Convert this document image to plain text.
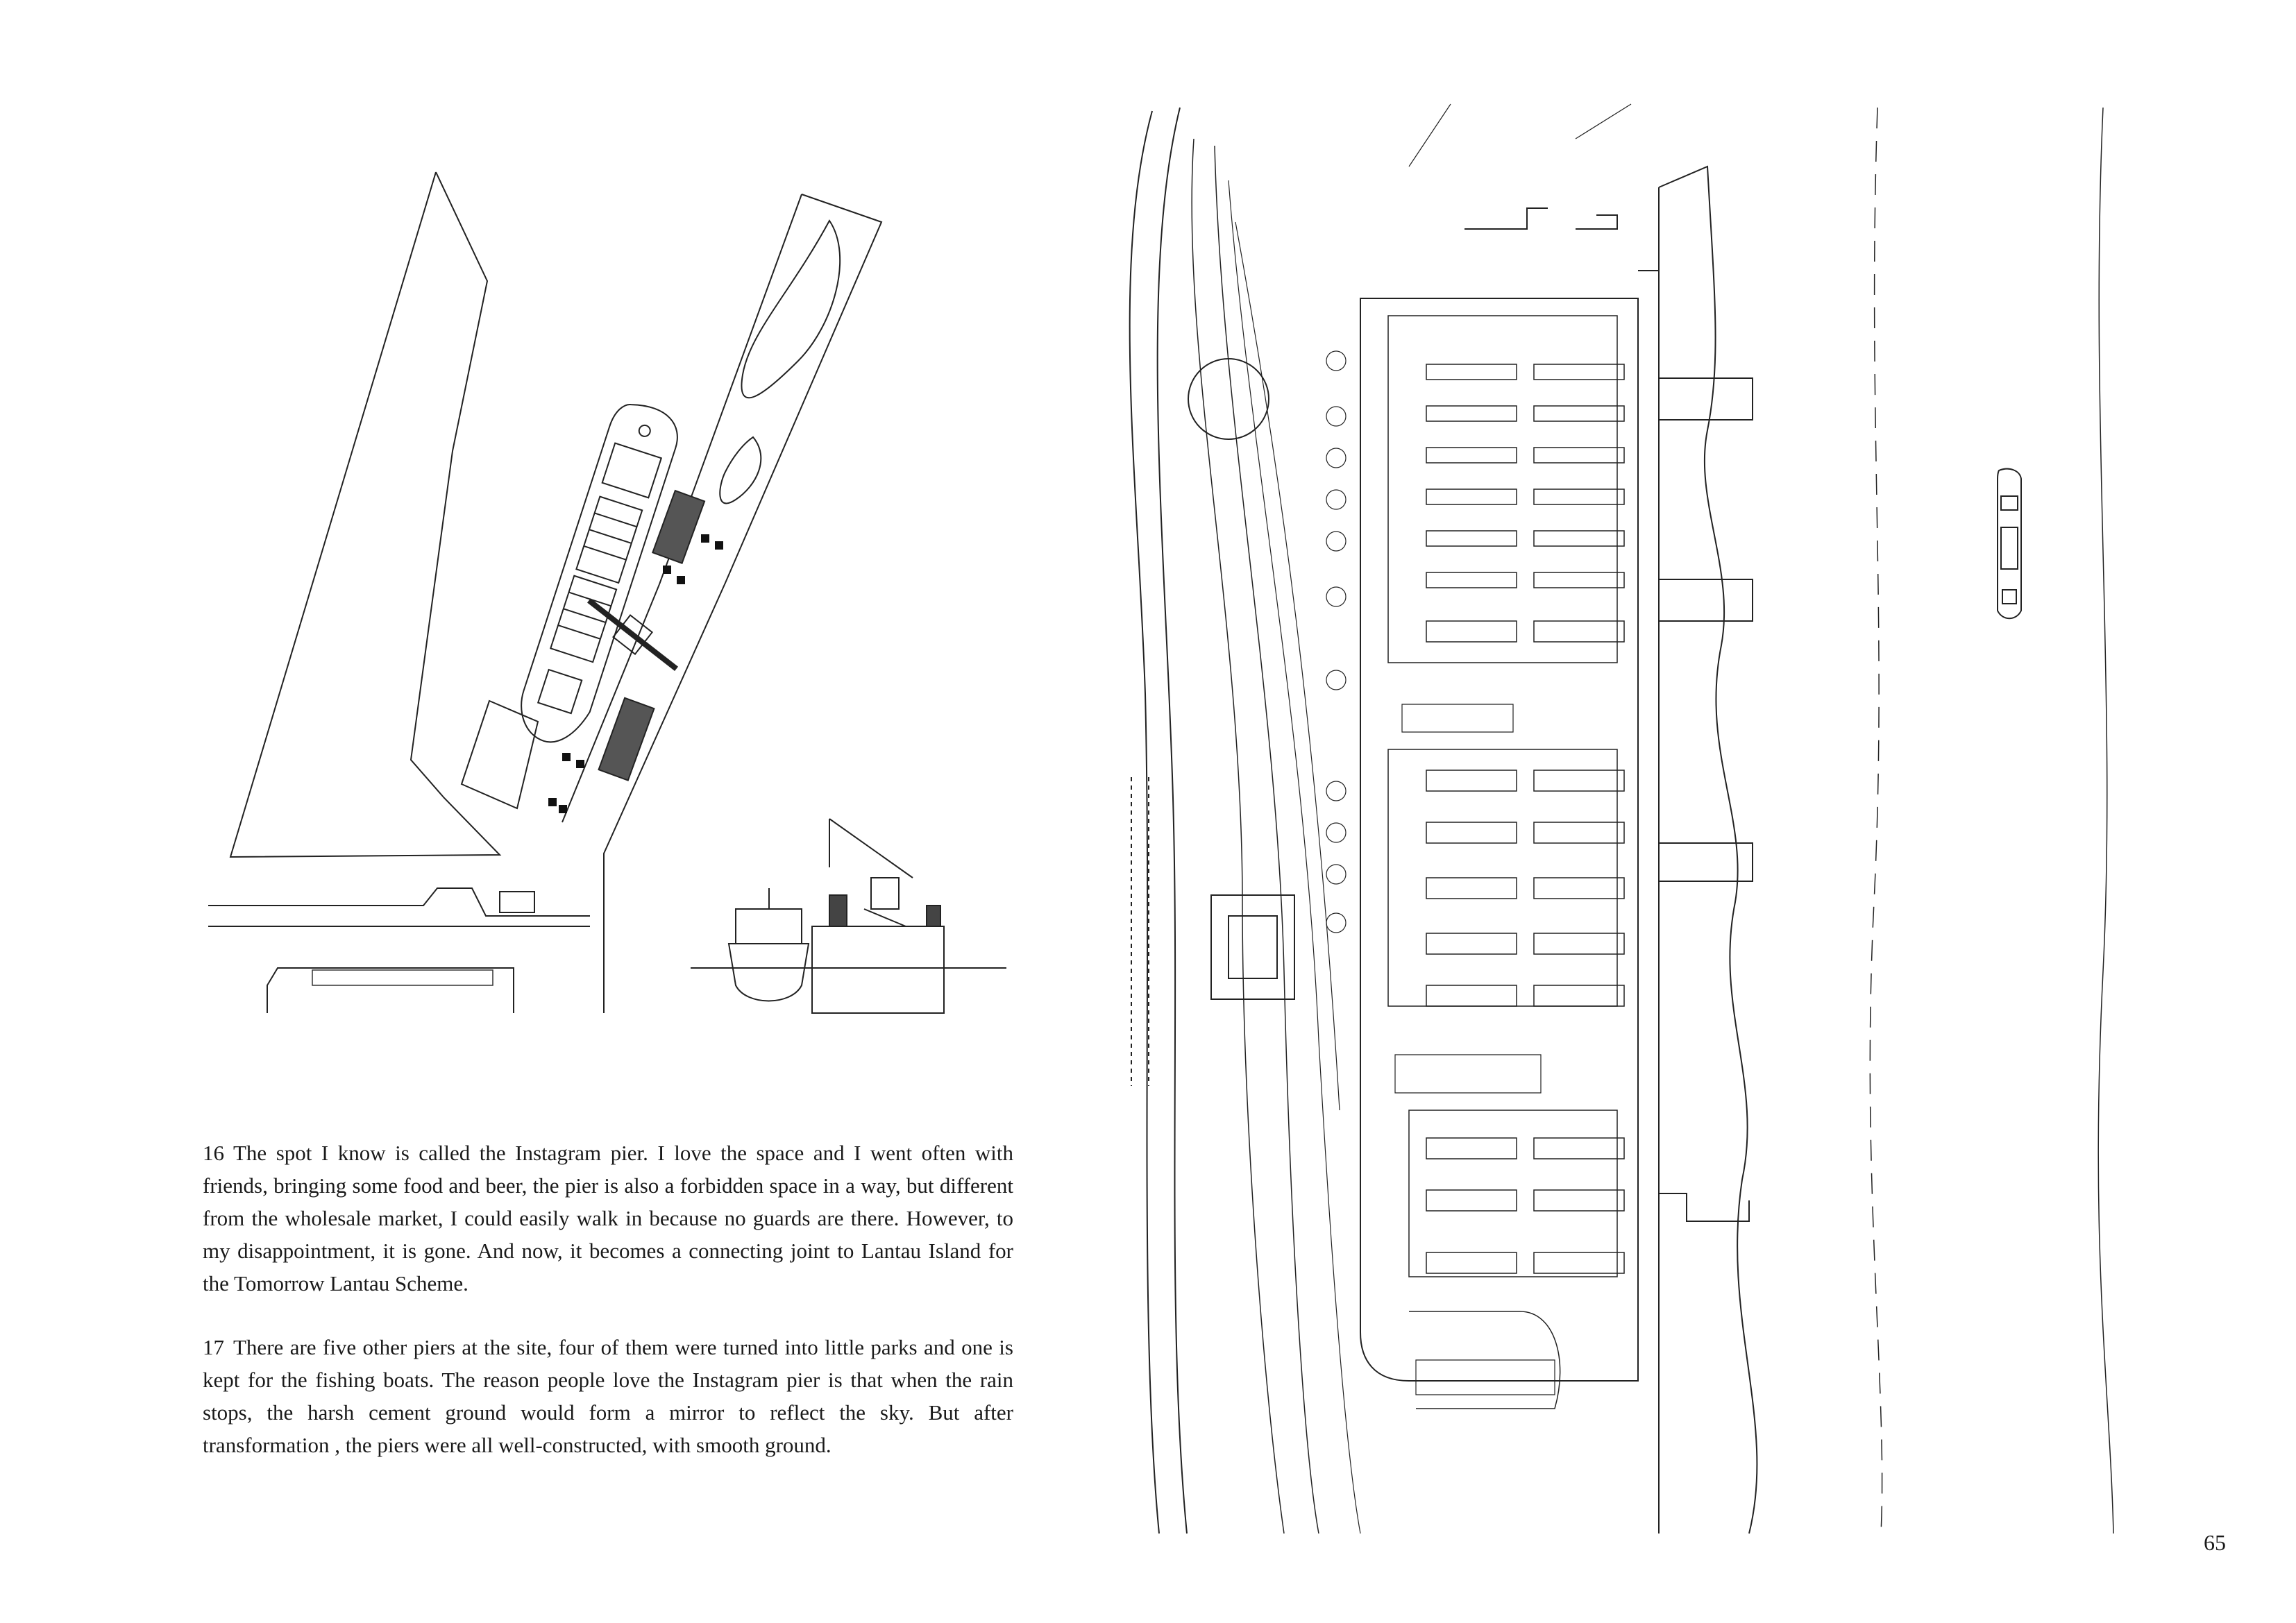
16 The spot I know is called the Instagram pier. I love the space and I went often with friends, bringing some food and beer, the pier is also a forbidden space in a way, but different from the wholesale market, I could easily walk in because no guards are there. However, to my disappointment, it is gone. And now, it becomes a connecting joint to Lantau Island for the Tomorrow Lantau Scheme.

17 There are five other piers at the site, four of them were turned into little parks and one is kept for the fishing boats. The reason people love the Instagram pier is that when the rain stops, the harsh cement ground would form a mirror to reflect the sky. But after transformation , the piers were all well-constructed, with smooth ground.

65
